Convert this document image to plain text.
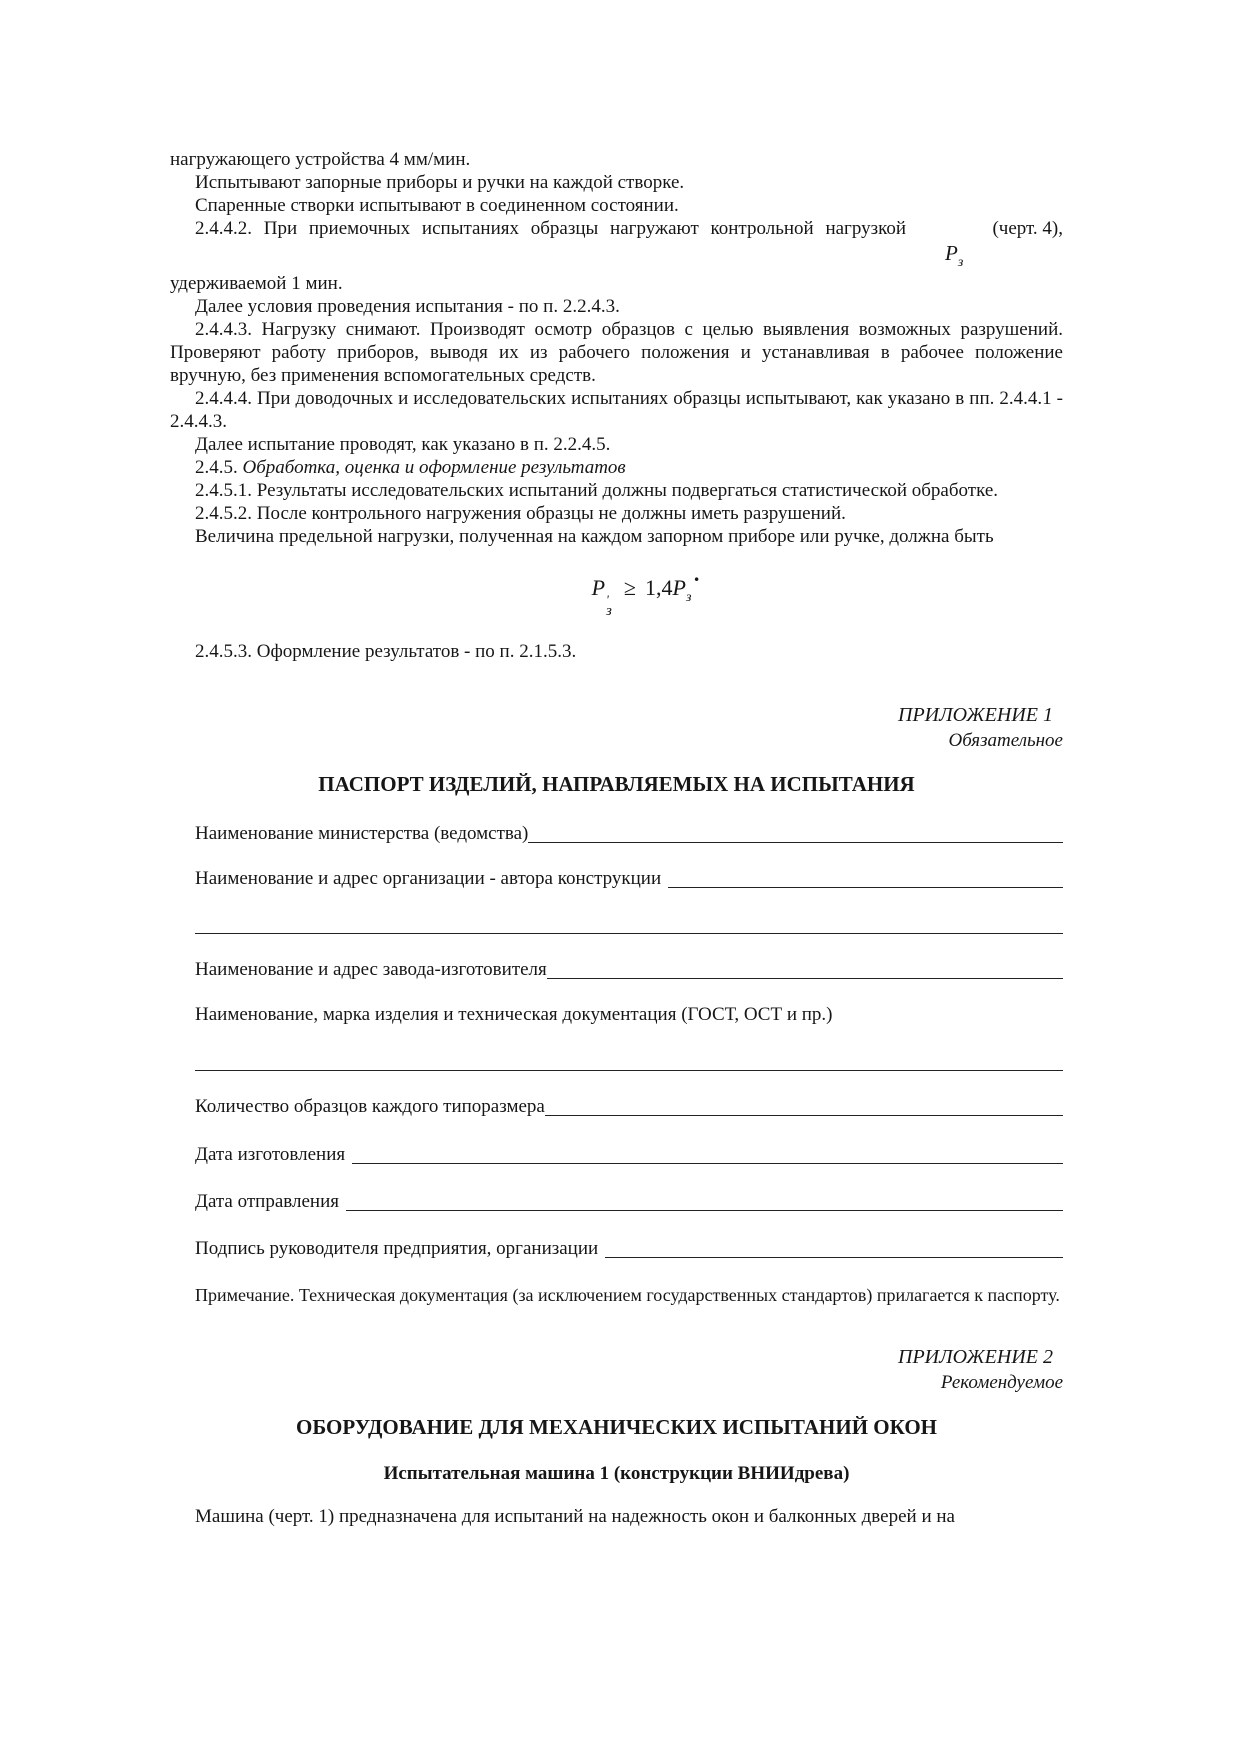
нагружающего устройства 4 мм/мин.

Испытывают запорные приборы и ручки на каждой створке.

Спаренные створки испытывают в соединенном состоянии.

2.4.4.2. При приемочных испытаниях образцы нагружают контрольной нагрузкой	(черт. 4),
$Р_з$

удерживаемой 1 мин.

Далее условия проведения испытания - по п. 2.2.4.3.

2.4.4.3. Нагрузку снимают. Производят осмотр образцов с целью выявления возможных разрушений. Проверяют работу приборов, выводя их из рабочего положения и устанавливая в рабочее положение вручную, без применения вспомогательных средств.

2.4.4.4. При доводочных и исследовательских испытаниях образцы испытывают, как указано в пп. 2.4.4.1 - 2.4.4.3.

Далее испытание проводят, как указано в п. 2.2.4.5.

2.4.5. Обработка, оценка и оформление результатов

2.4.5.1. Результаты исследовательских испытаний должны подвергаться статистической обработке.

2.4.5.2. После контрольного нагружения образцы не должны иметь разрушений.

Величина предельной нагрузки, полученная на каждом запорном приборе или ручке, должна быть

.
Р '
з
≥ $1,4Р_з$

2.4.5.3. Оформление результатов - по п. 2.1.5.3.

ПРИЛОЖЕНИЕ 1

Обязательное

ПАСПОРТ ИЗДЕЛИЙ, НАПРАВЛЯЕМЫХ НА ИСПЫТАНИЯ
Наименование министерства (ведомства)
Наименование и адрес организации - автора конструкции
Наименование и адрес завода-изготовителя
Наименование, марка изделия и техническая документация (ГОСТ, ОСТ и пр.)
Количество образцов каждого типоразмера
Дата изготовления
Дата отправления
Подпись руководителя предприятия, организации

Примечание. Техническая документация (за исключением государственных стандартов) прилагается к паспорту.

ПРИЛОЖЕНИЕ 2

Рекомендуемое

ОБОРУДОВАНИЕ ДЛЯ МЕХАНИЧЕСКИХ ИСПЫТАНИЙ ОКОН
Испытательная машина 1 (конструкции ВНИИдрева)

Машина (черт. 1) предназначена для испытаний на надежность окон и балконных дверей и на
